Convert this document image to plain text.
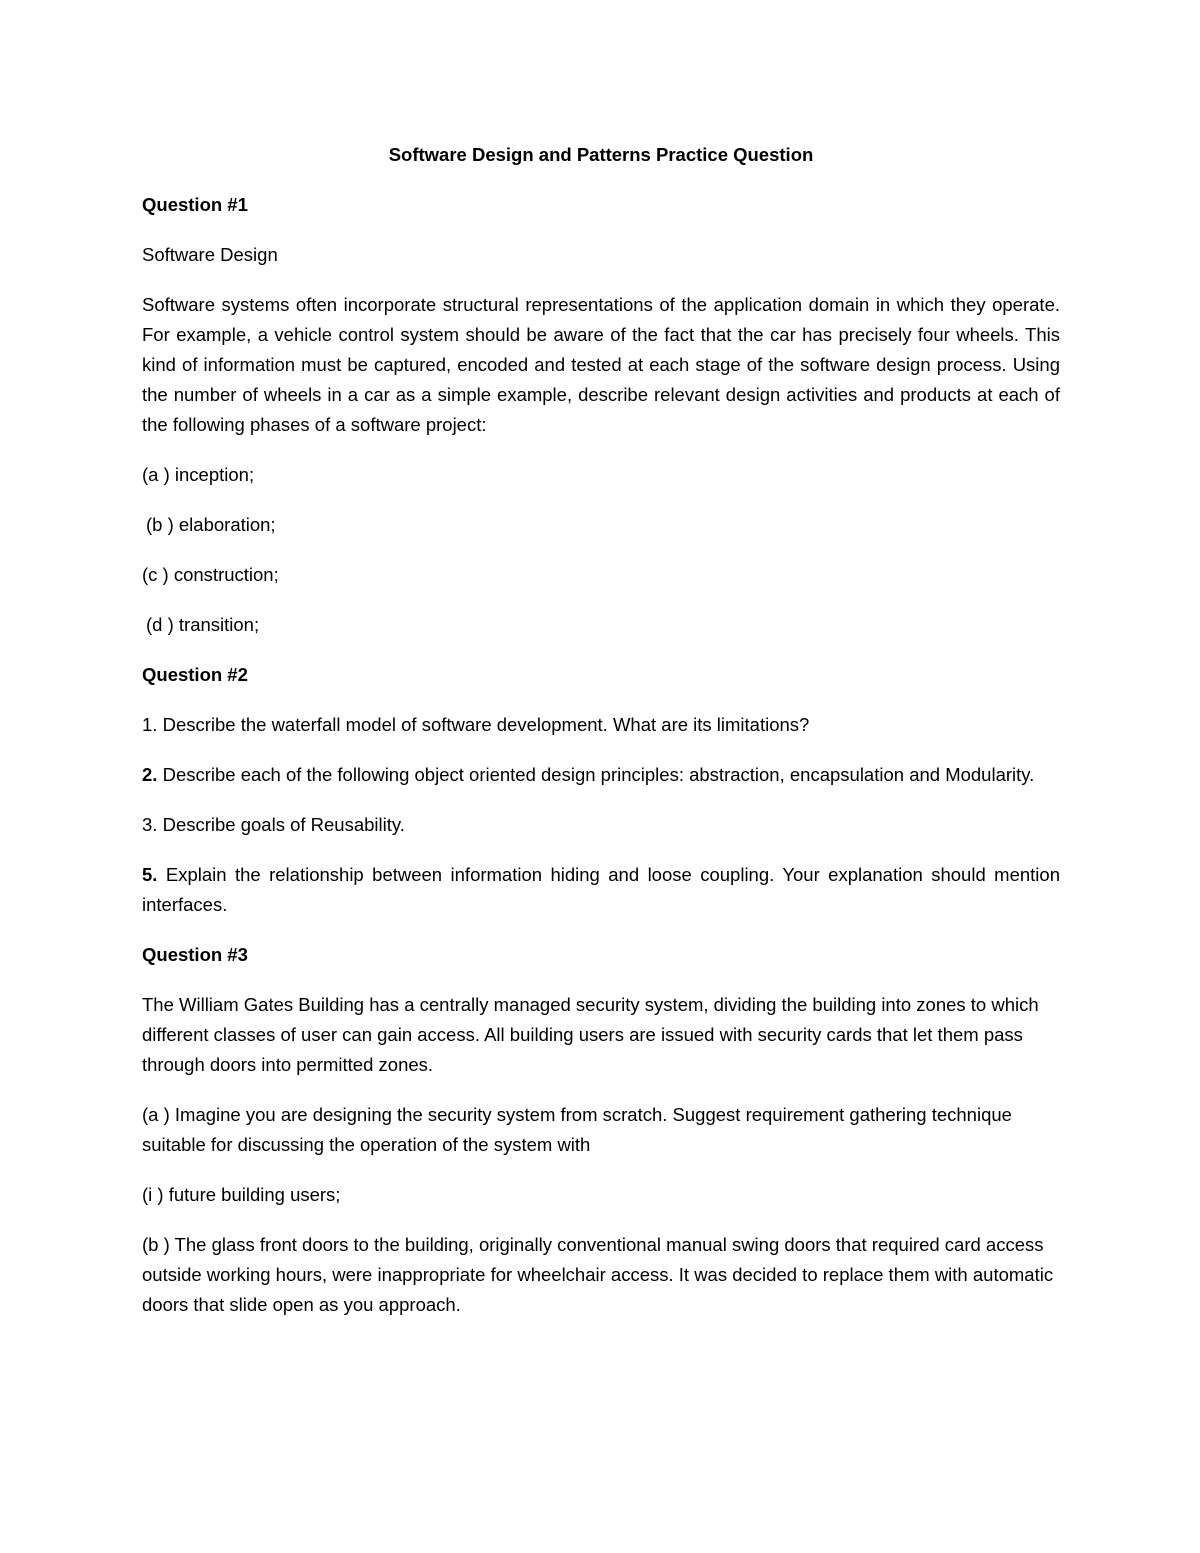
Software Design and Patterns Practice Question
Question #1

Software Design

Software systems often incorporate structural representations of the application domain in which they operate. For example, a vehicle control system should be aware of the fact that the car has precisely four wheels. This kind of information must be captured, encoded and tested at each stage of the software design process. Using the number of wheels in a car as a simple example, describe relevant design activities and products at each of the following phases of a software project:

(a ) inception;

(b ) elaboration;

(c ) construction;

(d ) transition;

Question #2

1. Describe the waterfall model of software development. What are its limitations?

2. Describe each of the following object oriented design principles: abstraction, encapsulation and Modularity.

3. Describe goals of Reusability.

5. Explain the relationship between information hiding and loose coupling. Your explanation should mention interfaces.

Question #3

The William Gates Building has a centrally managed security system, dividing the building into zones to which different classes of user can gain access. All building users are issued with security cards that let them pass through doors into permitted zones.

(a ) Imagine you are designing the security system from scratch. Suggest requirement gathering technique suitable for discussing the operation of the system with

(i ) future building users;

(b ) The glass front doors to the building, originally conventional manual swing doors that required card access outside working hours, were inappropriate for wheelchair access. It was decided to replace them with automatic doors that slide open as you approach.
